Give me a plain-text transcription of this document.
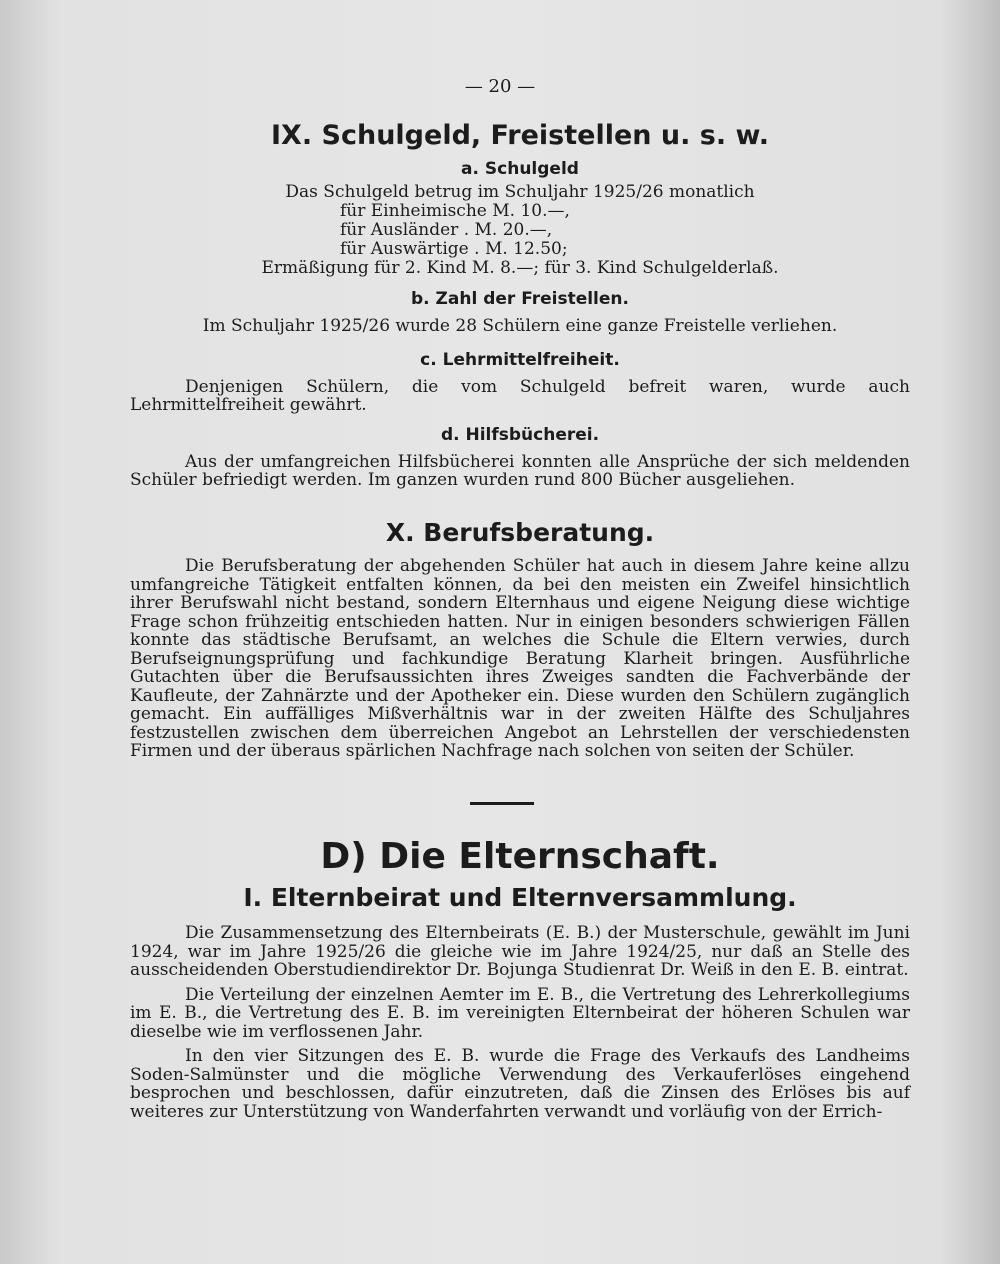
— 20 —
IX. Schulgeld, Freistellen u. s. w.
a. Schulgeld

Das Schulgeld betrug im Schuljahr 1925/26 monatlich

für Einheimische M. 10.—,
für Ausländer . M. 20.—,
für Auswärtige . M. 12.50;

Ermäßigung für 2. Kind M. 8.—; für 3. Kind Schulgelderlaß.

b. Zahl der Freistellen.

Im Schuljahr 1925/26 wurde 28 Schülern eine ganze Freistelle verliehen.

c. Lehrmittelfreiheit.

Denjenigen Schülern, die vom Schulgeld befreit waren, wurde auch Lehrmittelfreiheit gewährt.

d. Hilfsbücherei.

Aus der umfangreichen Hilfsbücherei konnten alle Ansprüche der sich meldenden Schüler befriedigt werden. Im ganzen wurden rund 800 Bücher ausgeliehen.

X. Berufsberatung.

Die Berufsberatung der abgehenden Schüler hat auch in diesem Jahre keine allzu umfangreiche Tätigkeit entfalten können, da bei den meisten ein Zweifel hinsichtlich ihrer Berufswahl nicht bestand, sondern Elternhaus und eigene Neigung diese wichtige Frage schon frühzeitig entschieden hatten. Nur in einigen besonders schwierigen Fällen konnte das städtische Berufsamt, an welches die Schule die Eltern verwies, durch Berufseignungsprüfung und fachkundige Beratung Klarheit bringen. Ausführliche Gutachten über die Berufsaussichten ihres Zweiges sandten die Fachverbände der Kaufleute, der Zahnärzte und der Apotheker ein. Diese wurden den Schülern zugänglich gemacht. Ein auffälliges Mißverhältnis war in der zweiten Hälfte des Schuljahres festzustellen zwischen dem überreichen Angebot an Lehrstellen der verschiedensten Firmen und der überaus spärlichen Nachfrage nach solchen von seiten der Schüler.

D) Die Elternschaft.
I. Elternbeirat und Elternversammlung.

Die Zusammensetzung des Elternbeirats (E. B.) der Musterschule, gewählt im Juni 1924, war im Jahre 1925/26 die gleiche wie im Jahre 1924/25, nur daß an Stelle des ausscheidenden Oberstudiendirektor Dr. Bojunga Studienrat Dr. Weiß in den E. B. eintrat.

Die Verteilung der einzelnen Aemter im E. B., die Vertretung des Lehrerkollegiums im E. B., die Vertretung des E. B. im vereinigten Elternbeirat der höheren Schulen war dieselbe wie im verflossenen Jahr.

In den vier Sitzungen des E. B. wurde die Frage des Verkaufs des Landheims Soden-Salmünster und die mögliche Verwendung des Verkauferlöses eingehend besprochen und beschlossen, dafür einzutreten, daß die Zinsen des Erlöses bis auf weiteres zur Unterstützung von Wanderfahrten verwandt und vorläufig von der Errich-
